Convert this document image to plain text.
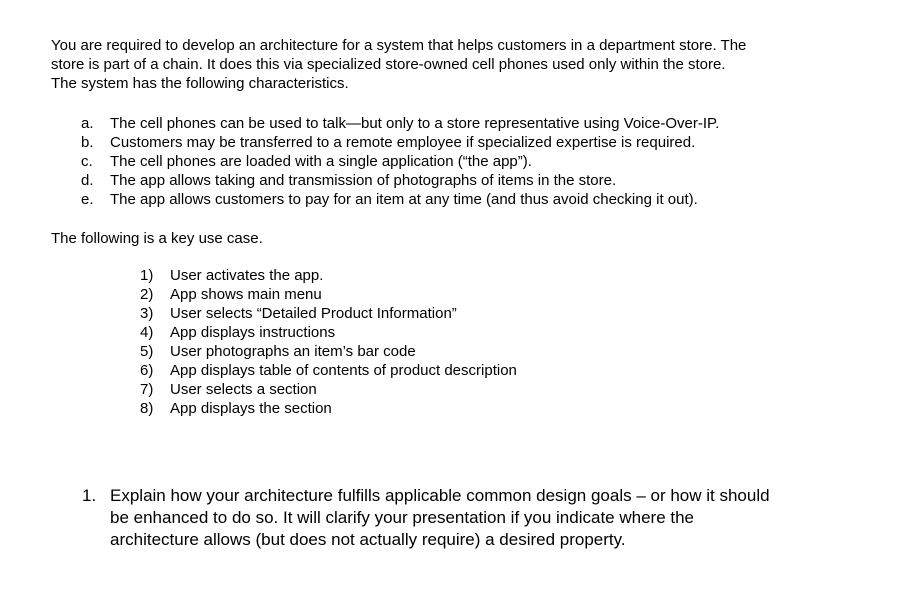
You are required to develop an architecture for a system that helps customers in a department store. The
store is part of a chain. It does this via specialized store-owned cell phones used only within the store.
The system has the following characteristics.
a. The cell phones can be used to talk—but only to a store representative using Voice-Over-IP.
b. Customers may be transferred to a remote employee if specialized expertise is required.
c. The cell phones are loaded with a single application (“the app”).
d. The app allows taking and transmission of photographs of items in the store.
e. The app allows customers to pay for an item at any time (and thus avoid checking it out).
The following is a key use case.
1) User activates the app.
2) App shows main menu
3) User selects “Detailed Product Information”
4) App displays instructions
5) User photographs an item’s bar code
6) App displays table of contents of product description
7) User selects a section
8) App displays the section
1. Explain how your architecture fulfills applicable common design goals – or how it should
be enhanced to do so. It will clarify your presentation if you indicate where the
architecture allows (but does not actually require) a desired property.
